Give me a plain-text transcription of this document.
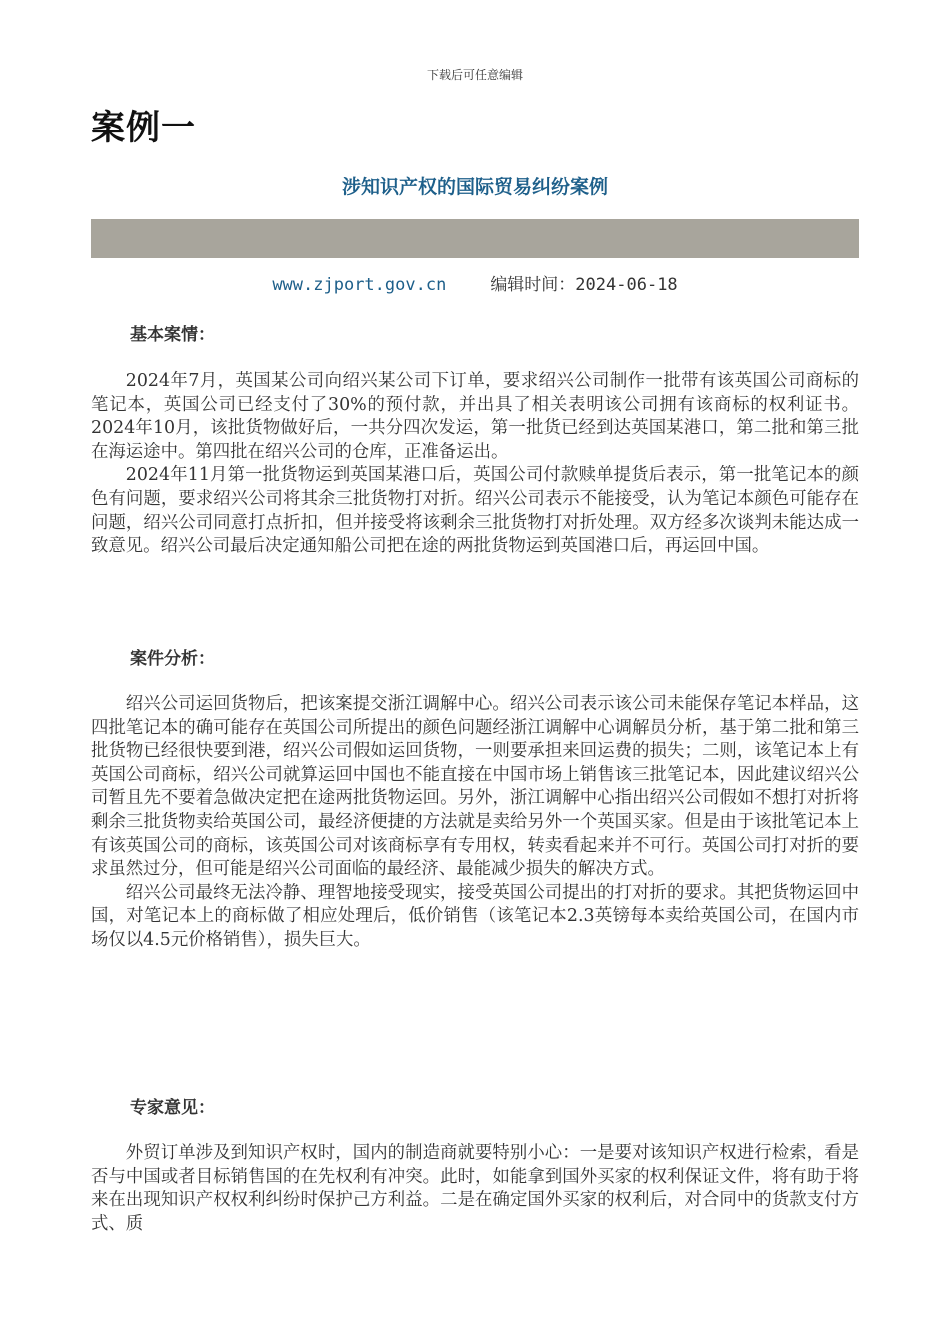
下载后可任意编辑
案例一
涉知识产权的国际贸易纠纷案例
www.zjport.gov.cn	编辑时间：2024-06-18
基本案情：

2024年7月，英国某公司向绍兴某公司下订单，要求绍兴公司制作一批带有该英国公司商标的笔记本，英国公司已经支付了30%的预付款，并出具了相关表明该公司拥有该商标的权利证书。2024年10月，该批货物做好后，一共分四次发运，第一批货已经到达英国某港口，第二批和第三批在海运途中。第四批在绍兴公司的仓库，正准备运出。

2024年11月第一批货物运到英国某港口后，英国公司付款赎单提货后表示，第一批笔记本的颜色有问题，要求绍兴公司将其余三批货物打对折。绍兴公司表示不能接受，认为笔记本颜色可能存在问题，绍兴公司同意打点折扣，但并接受将该剩余三批货物打对折处理。双方经多次谈判未能达成一致意见。绍兴公司最后决定通知船公司把在途的两批货物运到英国港口后，再运回中国。

案件分析：

绍兴公司运回货物后，把该案提交浙江调解中心。绍兴公司表示该公司未能保存笔记本样品，这四批笔记本的确可能存在英国公司所提出的颜色问题经浙江调解中心调解员分析，基于第二批和第三批货物已经很快要到港，绍兴公司假如运回货物，一则要承担来回运费的损失；二则，该笔记本上有英国公司商标，绍兴公司就算运回中国也不能直接在中国市场上销售该三批笔记本，因此建议绍兴公司暂且先不要着急做决定把在途两批货物运回。另外，浙江调解中心指出绍兴公司假如不想打对折将剩余三批货物卖给英国公司，最经济便捷的方法就是卖给另外一个英国买家。但是由于该批笔记本上有该英国公司的商标，该英国公司对该商标享有专用权，转卖看起来并不可行。英国公司打对折的要求虽然过分，但可能是绍兴公司面临的最经济、最能减少损失的解决方式。

绍兴公司最终无法冷静、理智地接受现实，接受英国公司提出的打对折的要求。其把货物运回中国，对笔记本上的商标做了相应处理后，低价销售（该笔记本2.3英镑每本卖给英国公司，在国内市场仅以4.5元价格销售），损失巨大。

专家意见：

外贸订单涉及到知识产权时，国内的制造商就要特别小心：一是要对该知识产权进行检索，看是否与中国或者目标销售国的在先权利有冲突。此时，如能拿到国外买家的权利保证文件，将有助于将来在出现知识产权权利纠纷时保护己方利益。二是在确定国外买家的权利后，对合同中的货款支付方式、质
